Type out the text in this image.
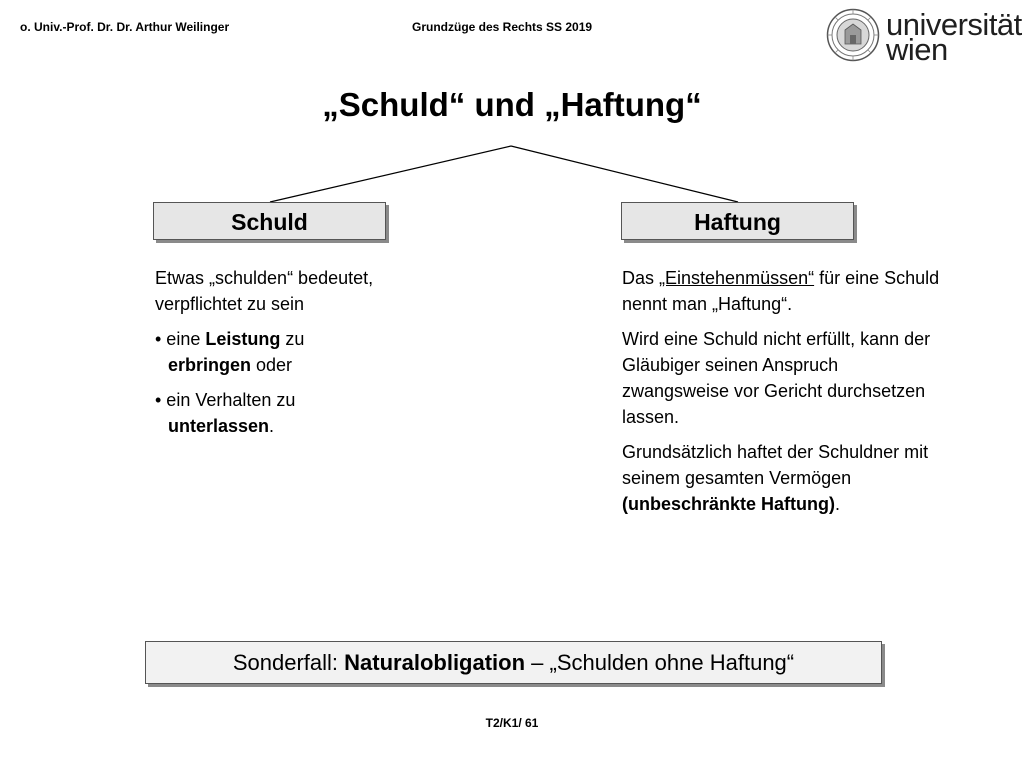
o. Univ.-Prof. Dr. Dr. Arthur Weilinger	Grundzüge des Rechts SS 2019	universität
wien
„Schuld“ und „Haftung“
Schuld	Haftung

Etwas „schulden“ bedeutet, verpflichtet zu sein

• eine Leistung zu
erbringen oder

• ein Verhalten zu
unterlassen.

Das „Einstehenmüssen“ für eine Schuld nennt man „Haftung“.

Wird eine Schuld nicht erfüllt, kann der Gläubiger seinen Anspruch zwangsweise vor Gericht durchsetzen lassen.

Grundsätzlich haftet der Schuldner mit seinem gesamten Vermögen (unbeschränkte Haftung).

Sonderfall: Naturalobligation – „Schulden ohne Haftung“
T2/K1/ 61
